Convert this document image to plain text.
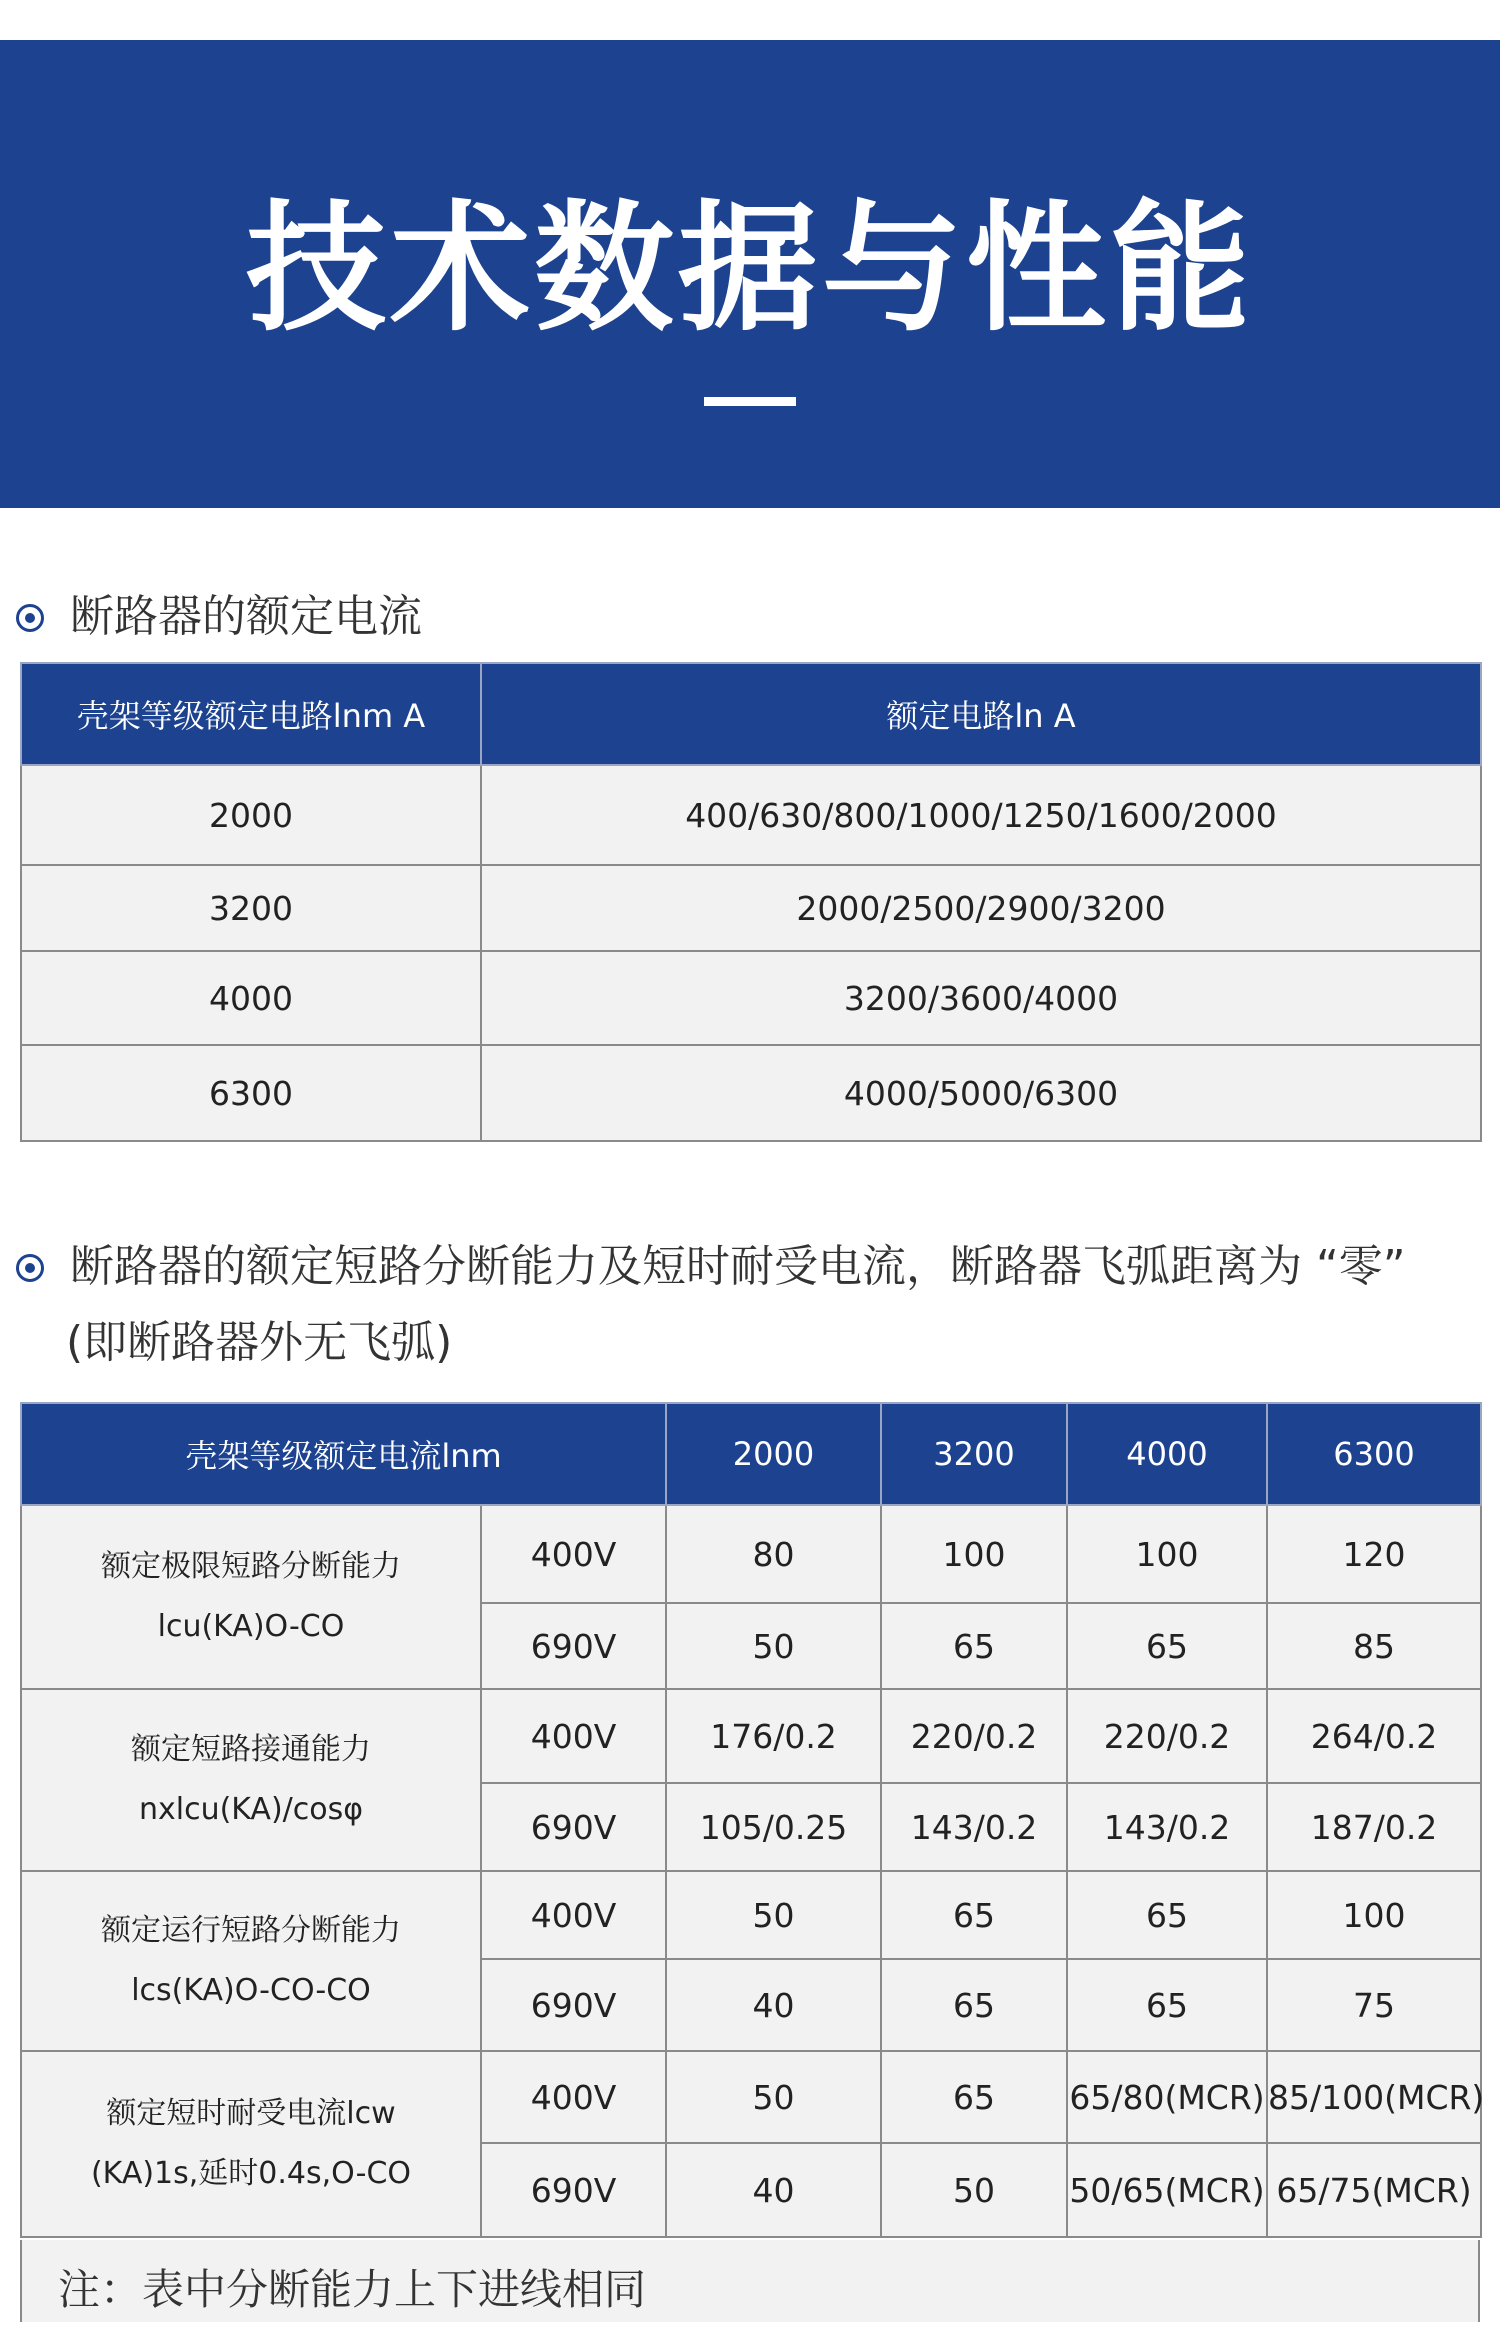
技术数据与性能
断路器的额定电流
壳架等级额定电路lnm A	额定电路ln A
2000	400/630/800/1000/1250/1600/2000
3200	2000/2500/2900/3200
4000	3200/3600/4000
6300	4000/5000/6300
断路器的额定短路分断能力及短时耐受电流，断路器飞弧距离为 “零”
(即断路器外无飞弧)
壳架等级额定电流lnm		2000	3200	4000	6300

额定极限短路分断能力
lcu(KA)O-CO	400V	80	100	100	120
	690V	50	65	65	85

额定短路接通能力
nxlcu(KA)/cosφ	400V	176/0.2	220/0.2	220/0.2	264/0.2
	690V	105/0.25	143/0.2	143/0.2	187/0.2

额定运行短路分断能力
lcs(KA)O-CO-CO	400V	50	65	65	100
	690V	40	65	65	75

额定短时耐受电流lcw
(KA)1s,延时0.4s,O-CO	400V	50	65	65/80(MCR)	85/100(MCR)
	690V	40	50	50/65(MCR)	65/75(MCR)
注：表中分断能力上下进线相同
